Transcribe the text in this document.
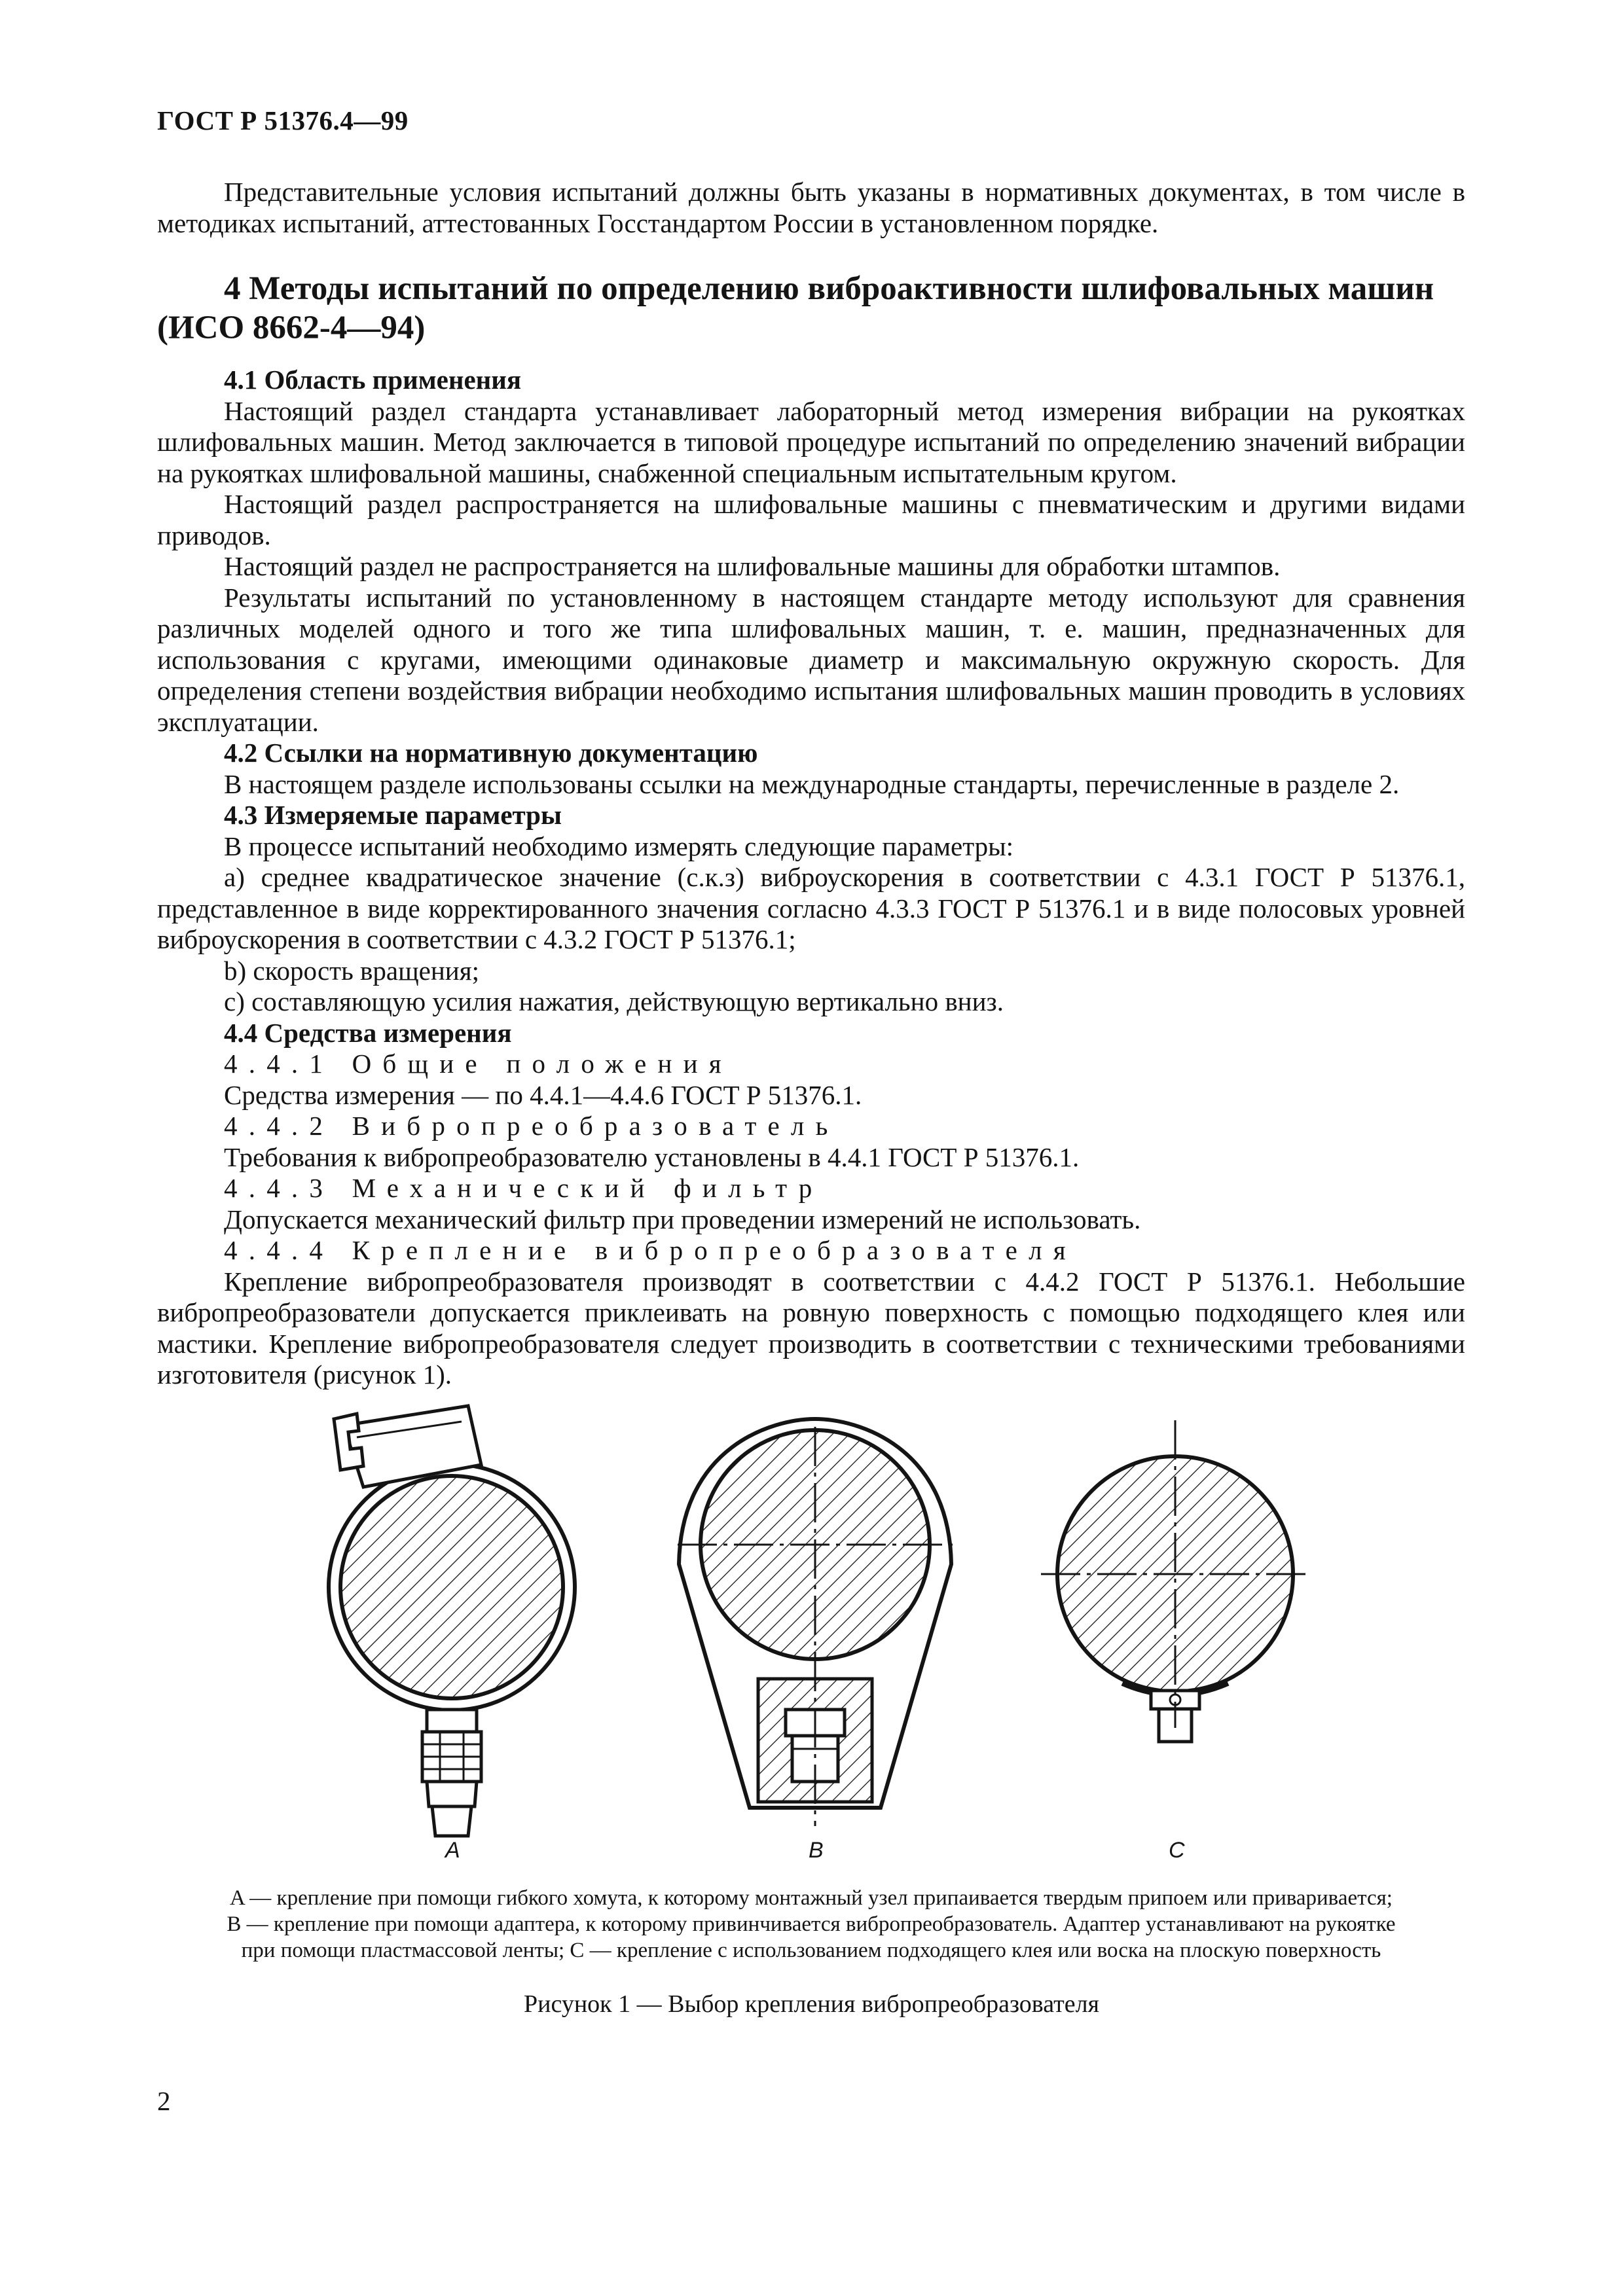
ГОСТ Р 51376.4—99

Представительные условия испытаний должны быть указаны в нормативных документах, в том числе в методиках испытаний, аттестованных Госстандартом России в установленном порядке.

4 Методы испытаний по определению виброактивности шлифовальных машин (ИСО 8662-4—94)
4.1 Область применения

Настоящий раздел стандарта устанавливает лабораторный метод измерения вибрации на рукоятках шлифовальных машин. Метод заключается в типовой процедуре испытаний по определению значений вибрации на рукоятках шлифовальной машины, снабженной специальным испытательным кругом.

Настоящий раздел распространяется на шлифовальные машины с пневматическим и другими видами приводов.

Настоящий раздел не распространяется на шлифовальные машины для обработки штампов.

Результаты испытаний по установленному в настоящем стандарте методу используют для сравнения различных моделей одного и того же типа шлифовальных машин, т. е. машин, предназначенных для использования с кругами, имеющими одинаковые диаметр и максимальную окружную скорость. Для определения степени воздействия вибрации необходимо испытания шлифовальных машин проводить в условиях эксплуатации.

4.2 Ссылки на нормативную документацию

В настоящем разделе использованы ссылки на международные стандарты, перечисленные в разделе 2.

4.3 Измеряемые параметры

В процессе испытаний необходимо измерять следующие параметры:

а) среднее квадратическое значение (с.к.з) виброускорения в соответствии с 4.3.1 ГОСТ Р 51376.1, представленное в виде корректированного значения согласно 4.3.3 ГОСТ Р 51376.1 и в виде полосовых уровней виброускорения в соответствии с 4.3.2 ГОСТ Р 51376.1;

b) скорость вращения;

с) составляющую усилия нажатия, действующую вертикально вниз.

4.4 Средства измерения

4.4.1 Общие положения

Средства измерения — по 4.4.1—4.4.6 ГОСТ Р 51376.1.

4.4.2 Вибропреобразователь

Требования к вибропреобразователю установлены в 4.4.1 ГОСТ Р 51376.1.

4.4.3 Механический фильтр

Допускается механический фильтр при проведении измерений не использовать.

4.4.4 Крепление вибропреобразователя

Крепление вибропреобразователя производят в соответствии с 4.4.2 ГОСТ Р 51376.1. Небольшие вибропреобразователи допускается приклеивать на ровную поверхность с помощью подходящего клея или мастики. Крепление вибропреобразователя следует производить в соответствии с техническими требованиями изготовителя (рисунок 1).

A	B	C
A — крепление при помощи гибкого хомута, к которому монтажный узел припаивается твердым припоем или приваривается;
B — крепление при помощи адаптера, к которому привинчивается вибропреобразователь. Адаптер устанавливают на рукоятке
при помощи пластмассовой ленты; C — крепление с использованием подходящего клея или воска на плоскую поверхность
Рисунок 1 — Выбор крепления вибропреобразователя
2
